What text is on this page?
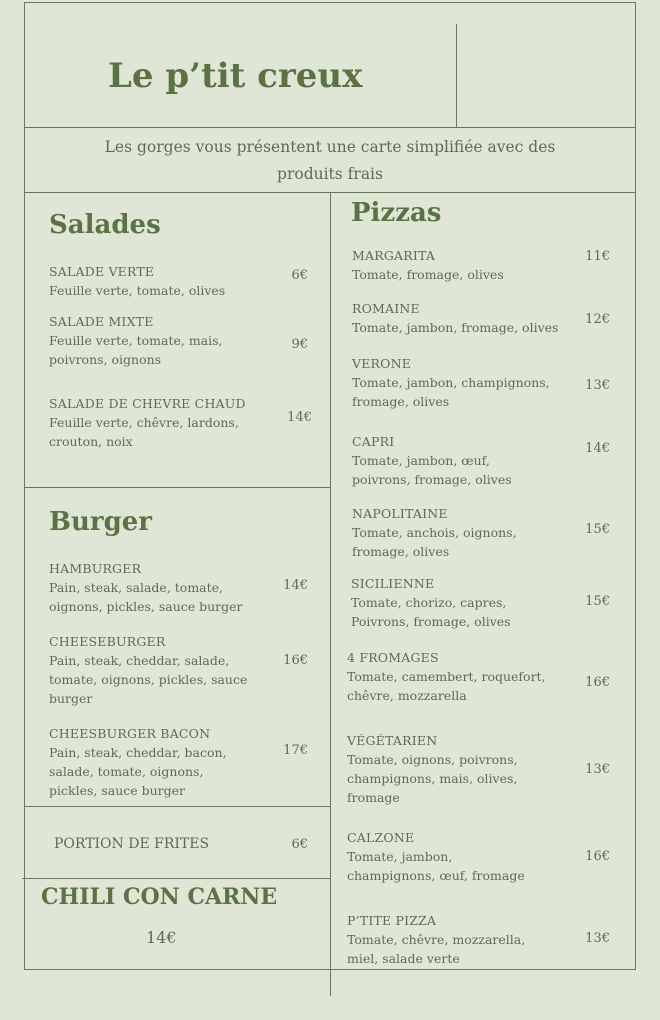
Le p’tit creux
Les gorges vous présentent une carte simplifiée avec des produits frais
Salades
SALADE VERTE
Feuille verte, tomate, olives
6€
SALADE MIXTE
Feuille verte, tomate, mais, poivrons, oignons
9€
SALADE DE CHEVRE CHAUD
Feuille verte, chêvre, lardons, crouton, noix
14€
Burger
HAMBURGER
Pain, steak, salade, tomate, oignons, pickles, sauce burger
14€
CHEESEBURGER
Pain, steak, cheddar, salade, tomate, oignons, pickles, sauce burger
16€
CHEESBURGER BACON
Pain, steak, cheddar, bacon, salade, tomate, oignons, pickles, sauce burger
17€
PORTION DE FRITES	6€
CHILI CON CARNE
14€
Pizzas
MARGARITA
Tomate, fromage, olives
11€
ROMAINE
Tomate, jambon, fromage, olives
12€
VERONE
Tomate, jambon, champignons, fromage, olives
13€
CAPRI
Tomate, jambon, œuf, poivrons, fromage, olives
14€
NAPOLITAINE
Tomate, anchois, oignons, fromage, olives
15€
SICILIENNE
Tomate, chorizo, capres, Poivrons, fromage, olives
15€
4 FROMAGES
Tomate, camembert, roquefort, chêvre, mozzarella
16€
VÉGÉTARIEN
Tomate, oignons, poivrons, champignons, mais, olives, fromage
13€
CALZONE
Tomate, jambon, champignons, œuf, fromage
16€
P’TITE PIZZA
Tomate, chêvre, mozzarella, miel, salade verte
13€
